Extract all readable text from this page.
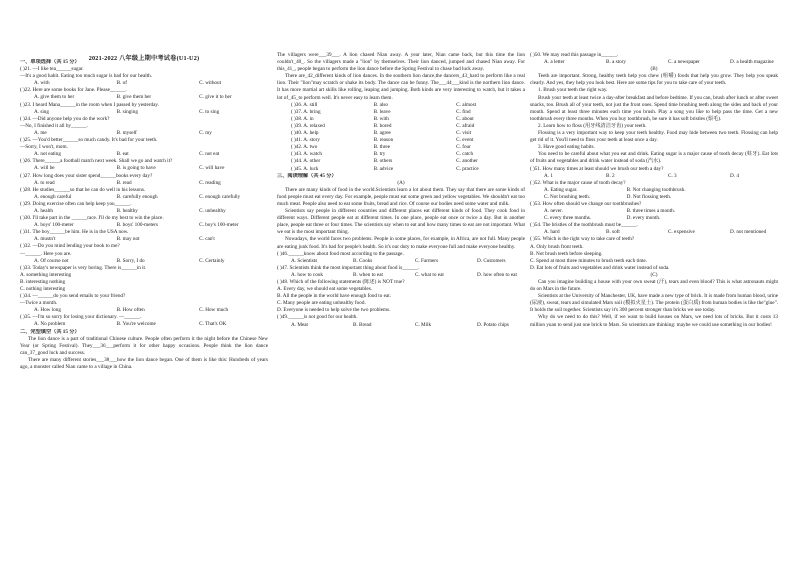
2021-2022 八年级上期中考试卷(U1-U2)
一、单项选择（共 15 分）
( )21. —I like tea______sugar.
—It's a good habit. Eating too much sugar is bad for our health.
A. with	B. of	C. without
( )22. Here are some books for Jane. Please______.
A. give them to her	B. give them her	C. give it to her
( )23. I heard Mana______in the room when I passed by yesterday.
A. sing	B. singing	C. to sing
( )24. —Did anyone help you do the work?
—No, I finished it all by______.
A. me	B. myself	C. my
( )25. —You'd better______so much candy. It's bad for your teeth.
—Sorry, I won't, mom.
A. not eating	B. eat	C. not eat
( )26. There______a football match next week. Shall we go and watch it?
A. will be	B. is going to have	C. will have
( )27. How long does your sister spend______books every day?
A. to read	B. read	C. reading
( )28. He studies______so that he can do well in his lessons.
A. enough careful	B. carefully enough	C. enough carefully
( )29. Doing exercise often can help keep you______.
A. health	B. healthy	C. unhealthy
( )30. I'll take part in the ______race. I'll do my best to win the place.
A. boys' 100-meter	B. boys' 100-meters	C. boy's 100-meter
( )31. The boy______be him. He is in the USA now.
A. mustn't	B. may not	C. can't
( )32. —Do you mind lending your book to me?
—______. Here you are.
A. Of course not	B. Sorry, I do	C. Certainly
( )33. Today's newspaper is very boring. There is______in it.
A. something interesting
B. interesting nothing
C. nothing interesting
( )34. —______do you send emails to your friend?
—Twice a month.
A. How long	B. How often	C. How much
( )35. —I'm so sorry for losing your dictionary. —______.
A. No problem	B. You're welcome	C. That's OK
二、完型填空（共 15 分）

The lion dance is a part of traditional Chinese culture. People often perform it the night before the Chinese New Year (or Spring Festival). They___36___perform it for other happy occasions. People think the lion dance can_37_good luck and success.

There are many different stories___38___how the lion dance began. One of them is like this: Hundreds of years ago, a monster called Nian came to a village in China.

The villagers were___39___. A lion chased Nian away. A year later, Nian came back, but this time the lion couldn't_40_. So the villagers made a "lion" by themselves. Their lion danced, jumped and chased Nian away. For this_41_, people began to perform the lion dance before the Spring Festival to chase bad luck away.

There are_42_different kinds of lion dances. In the southern lion dance,the dancers_43_hard to perform like a real lion. Their "lion"may scratch or shake its body. The dance can be funny. The___44___kind is the northern lion dance. It has more martial art skills like rolling, leaping and jumping. Both kinds are very interesting to watch, but it takes a lot of_45_to perform well. It's never easy to learn them.

( )36. A. still	B. also	C. almost
( )37. A. bring	B. leave	C. find
( )38. A. in	B. with	C. about
( )39. A. relaxed	B. bored	C. afraid
( )40. A. help	B. agree	C. visit
( )41. A. story	B. reason	C. event
( )42. A. two	B. three	C. four
( )43. A. watch	B. try	C. catch
( )44. A. other	B. others	C. another
( )45. A. luck	B. advice	C. practice
三、阅读理解（共 45 分）
(A)

There are many kinds of food in the world.Scientists learn a lot about them. They say that there are some kinds of food people must eat every day. For example, people must eat some green and yellow vegetables. We shouldn't eat too much meat. People also need to eat some fruits, bread and rice. Of course our bodies need some water and milk.

Scientists say people in different countries and different places eat different kinds of food. They cook food in different ways. Different people eat at different times. In one place, people eat once or twice a day. But in another place, people eat three or four times. The scientists say when to eat and how many times to eat are not important. What we eat is the most important thing.

Nowadays, the world faces two problems. People in some places, for example, in Africa, are not full. Many people are eating junk food. It's bad for people's health. So it's our duty to make everyone full and make everyone healthy.

( )46.______know about food most according to the passage.
A. Scientists	B. Cooks	C. Farmers	D. Customers
( )47. Scientists think the most important thing about food is______.
A. how to cook	B. when to eat	C. what to eat	D. how often to eat
( )48. Which of the following statements (陈述) is NOT true?
A. Every day, we should eat some vegetables.
B. All the people in the world have enough food to eat.
C. Many people are eating unhealthy food.
D. Everyone is needed to help solve the two problems.
( )49.______is not good for our health.
A. Meat	B. Bread	C. Milk	D. Potato chips
( )50. We may read this passage in______.
A. a letter	B. a story	C. a newspaper	D. a health magazine
(B)

Teeth are important. Strong, healthy teeth help you chew (咀嚼) foods that help you grow. They help you speak clearly. And yes, they help you look best. Here are some tips for you to take care of your teeth.

1. Brush your teeth the right way.

Brush your teeth at least twice a day-after breakfast and before bedtime. If you can, brush after lunch or after sweet snacks, too. Brush all of your teeth, not just the front ones. Spend time brushing teeth along the sides and back of your mouth. Spend at least three minutes each time you brush. Play a song you like to help pass the time. Get a new toothbrush every three months. When you buy toothbrush, be sure it has soft bristles (鬃毛).

2. Learn how to floss (用牙线清洁牙齿) your teeth.

Flossing is a very important way to keep your teeth healthy. Food may hide between two teeth. Flossing can help get rid of it. You'll need to floss your teeth at least once a day.

3. Have good eating habits.

You need to be careful about what you eat and drink. Eating sugar is a major cause of tooth decay (蛀牙). Eat lots of fruits and vegetables and drink water instead of soda (汽水).

( )51. How many times at least should we brush our teeth a day?
A. 1	B. 2	C. 3	D. 4
( )52. What is the major cause of tooth decay?
A. Eating sugar.	B. Not changing toothbrush.
C. Not brushing teeth.	D. Not flossing teeth.
( )53. How often should we change our toothbrushes?
A. never.	B. three times a month.
C. every three months.	D. every month.
( )54. The bristles of the toothbrush must be______.
A. hard	B. soft	C. expensive	D. not mentioned
( )55. Which is the right way to take care of teeth?
A. Only brush front teeth.
B. Not brush teeth before sleeping.
C. Spend at most three minutes to brush teeth each time.
D. Eat lots of fruits and vegetables and drink water instead of soda.
(C)

Can you imagine building a house with your own sweat (汗), tears and even blood? This is what astronauts might do on Mars in the future.

Scientists at the University of Manchester, UK, have made a new type of brick. It is made from human blood, urine (尿液), sweat, tears and simulated Mars soil (模拟火星土). The protein (蛋白质) from human bodies is like the"glue". It holds the soil together. Scientists say it's 300 percent stronger than bricks we use today.

Why do we need to do this? Well, if we want to build houses on Mars, we need lots of bricks. But it costs 13 million yuan to send just one brick to Mars. So scientists are thinking: maybe we could use something in our bodies!
